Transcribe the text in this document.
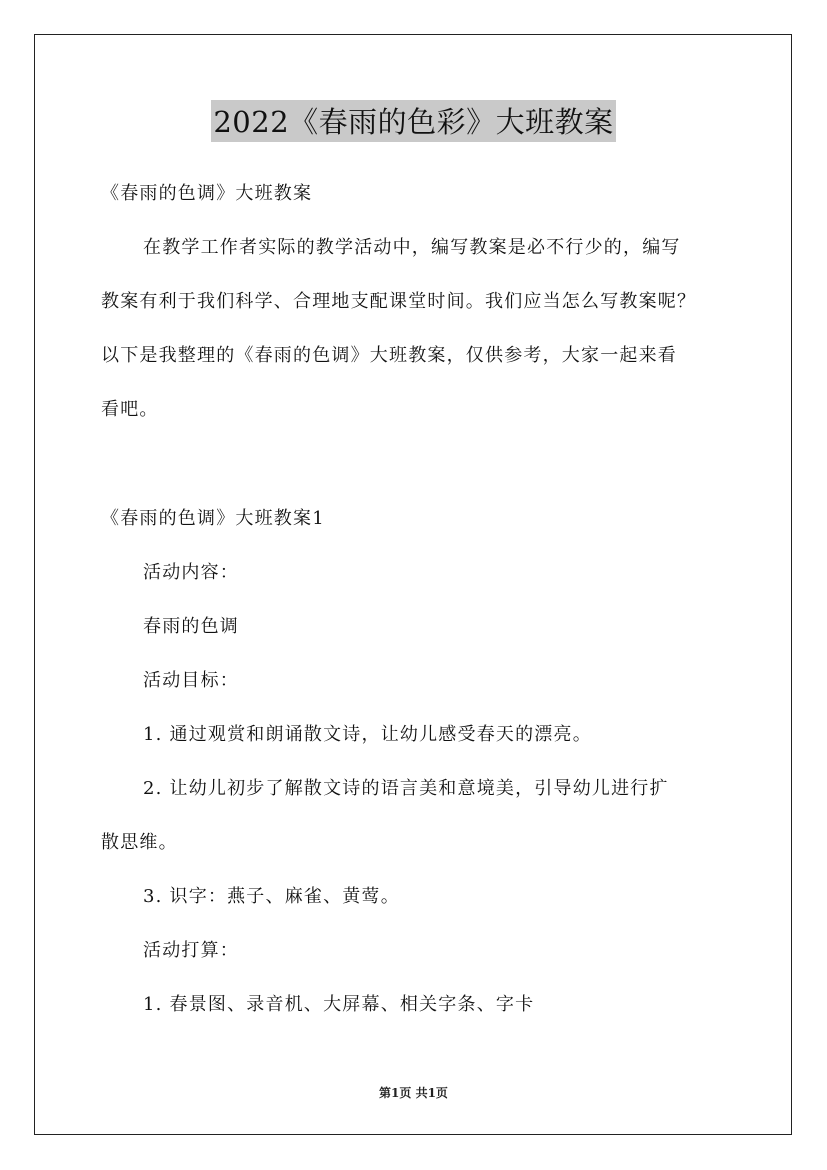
2022《春雨的色彩》大班教案
《春雨的色调》大班教案
在教学工作者实际的教学活动中，编写教案是必不行少的，编写
教案有利于我们科学、合理地支配课堂时间。我们应当怎么写教案呢？
以下是我整理的《春雨的色调》大班教案，仅供参考，大家一起来看
看吧。
《春雨的色调》大班教案1
活动内容：
春雨的色调
活动目标：
1. 通过观赏和朗诵散文诗，让幼儿感受春天的漂亮。
2. 让幼儿初步了解散文诗的语言美和意境美，引导幼儿进行扩
散思维。
3. 识字：燕子、麻雀、黄莺。
活动打算：
1. 春景图、录音机、大屏幕、相关字条、字卡
第1页 共1页
